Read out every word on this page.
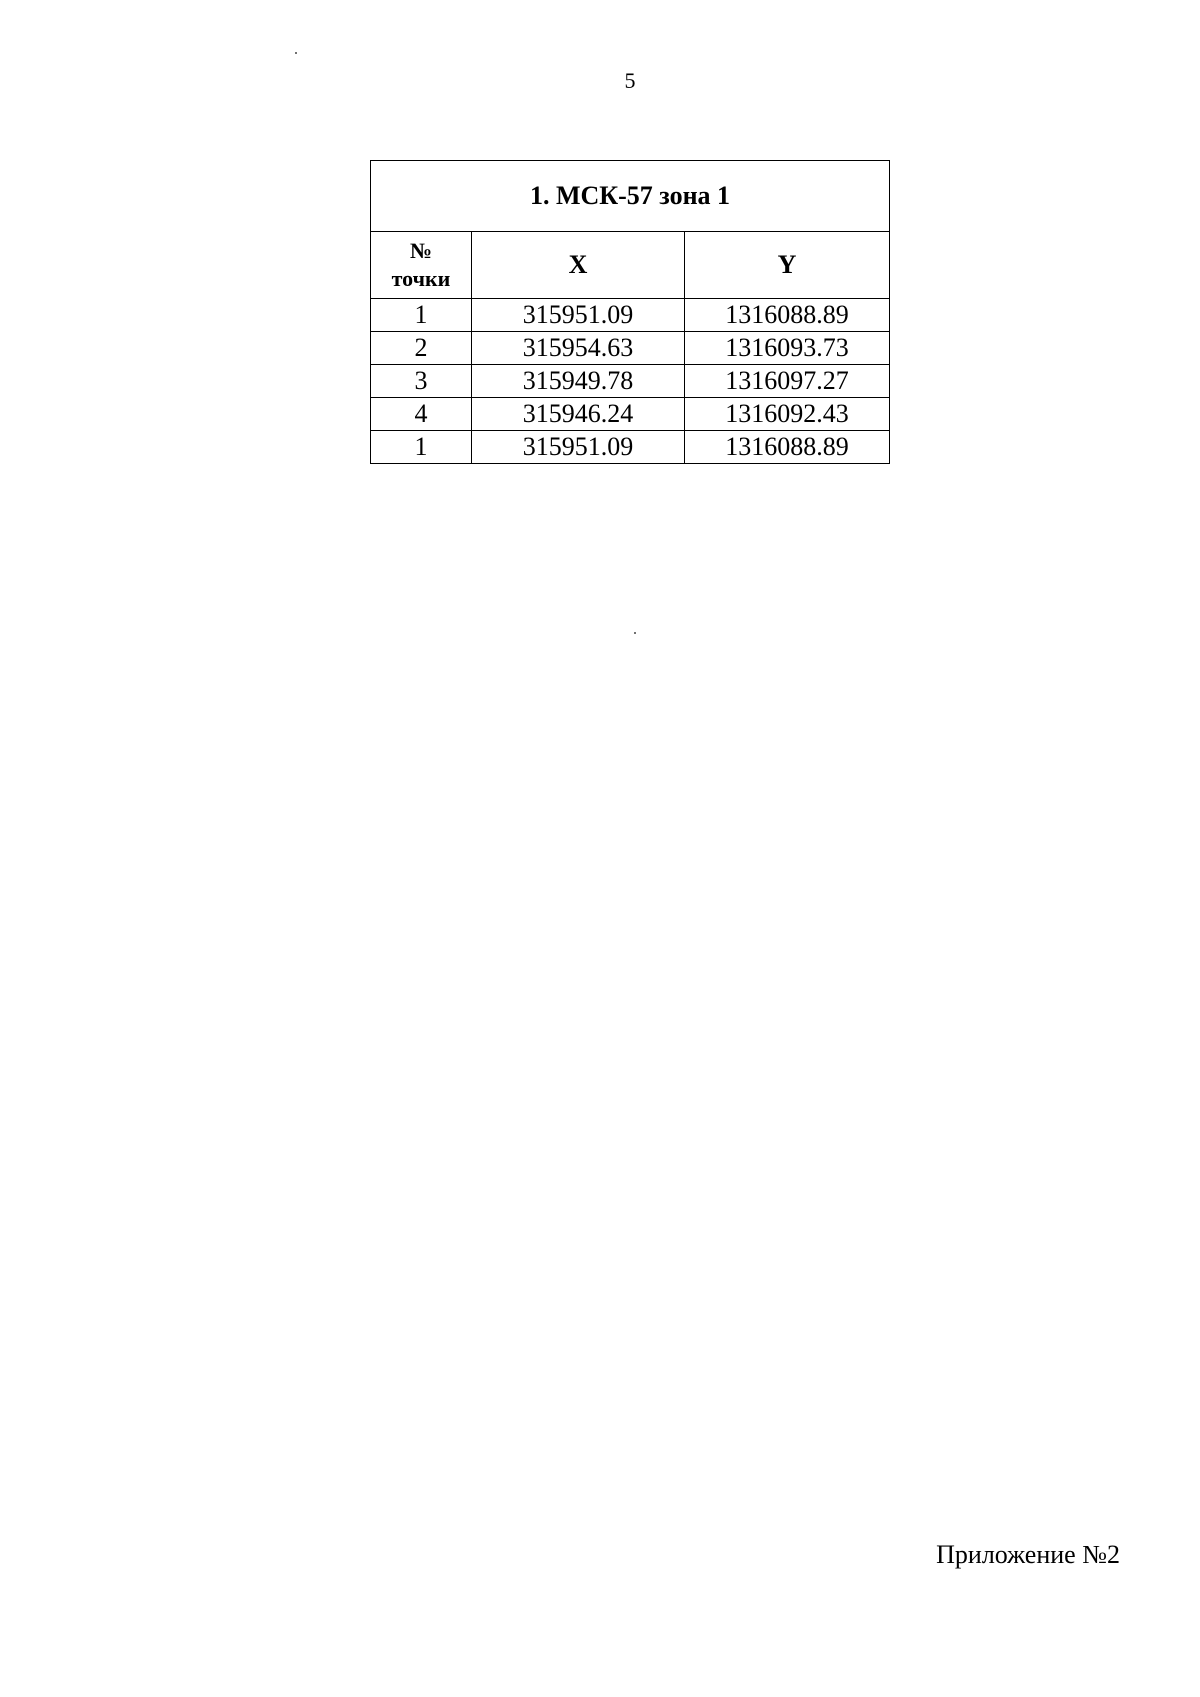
5
1. МСК-57 зона 1		

№
точки	X	Y
1	315951.09	1316088.89
2	315954.63	1316093.73
3	315949.78	1316097.27
4	315946.24	1316092.43
1	315951.09	1316088.89
Приложение №2
